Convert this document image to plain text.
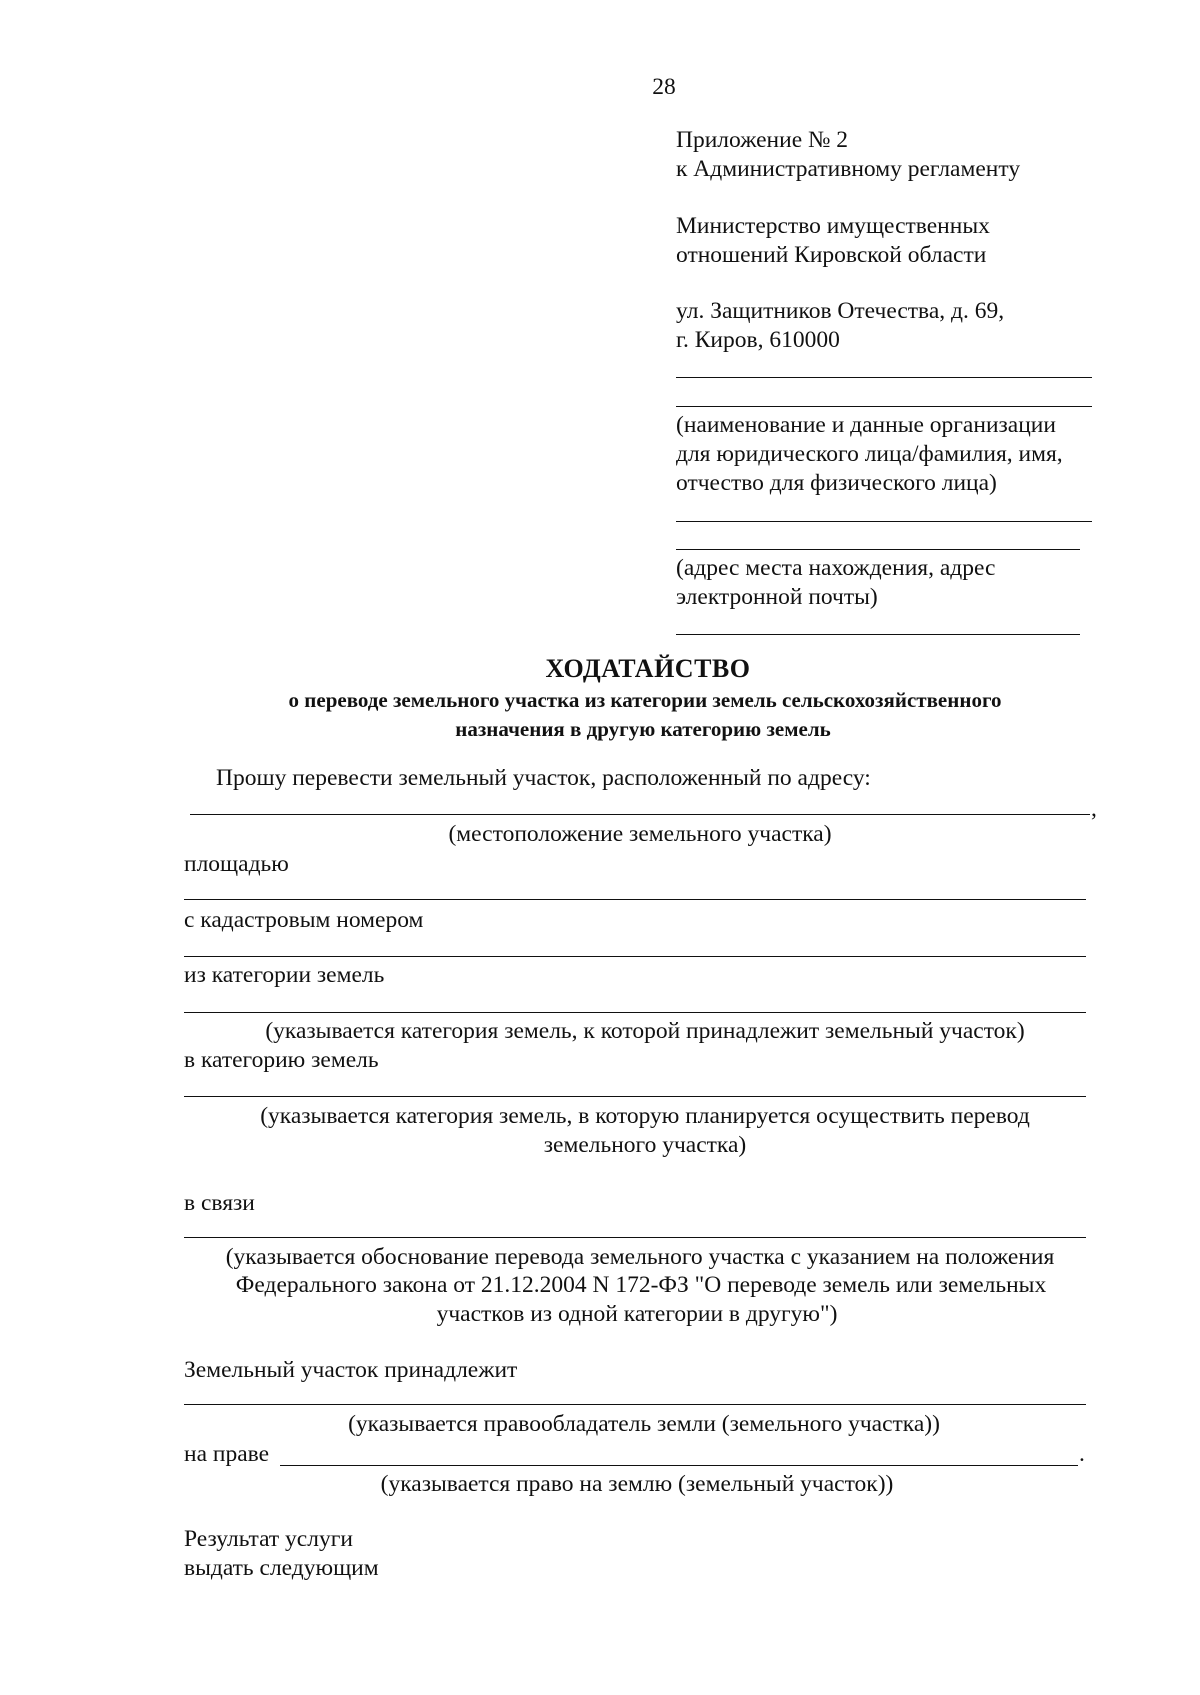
28
Приложение № 2
к Административному регламенту
Министерство имущественных
отношений Кировской области
ул. Защитников Отечества, д. 69,
г. Киров, 610000
(наименование и данные организации
для юридического лица/фамилия, имя,
отчество для физического лица)
(адрес места нахождения, адрес
электронной почты)
ХОДАТАЙСТВО
о переводе земельного участка из категории земель сельскохозяйственного
назначения в другую категорию земель
Прошу перевести земельный участок, расположенный по адресу:
,
(местоположение земельного участка)
площадью
с кадастровым номером
из категории земель
(указывается категория земель, к которой принадлежит земельный участок)
в категорию земель
(указывается категория земель, в которую планируется осуществить перевод
земельного участка)
в связи
(указывается обоснование перевода земельного участка с указанием на положения
Федерального закона от 21.12.2004 N 172-ФЗ "О переводе земель или земельных
участков из одной категории в другую")
Земельный участок принадлежит
(указывается правообладатель земли (земельного участка))
на праве	.
(указывается право на землю (земельный участок))
Результат услуги
выдать следующим
